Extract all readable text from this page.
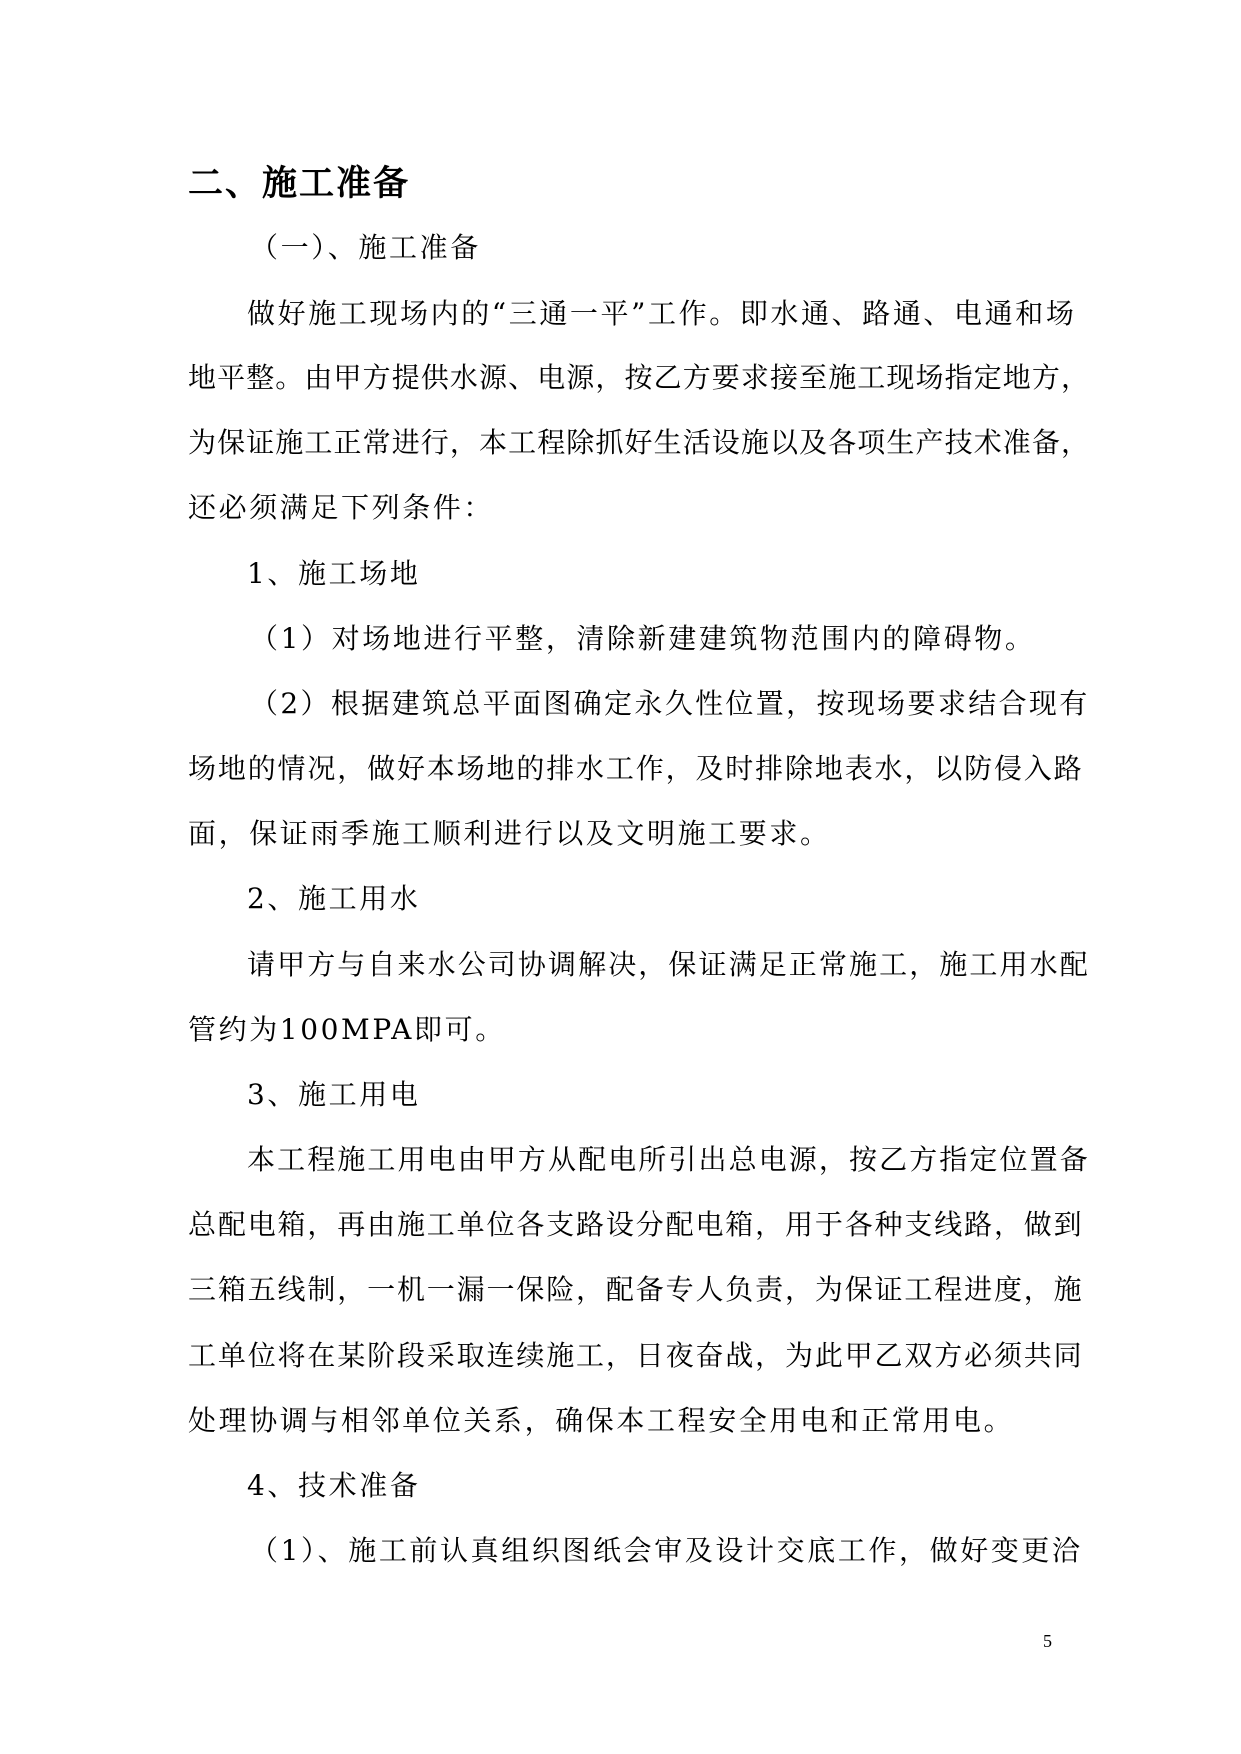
二、施工准备
（一）、施工准备
做好施工现场内的“三通一平”工作。即水通、路通、电通和场
地平整。由甲方提供水源、电源，按乙方要求接至施工现场指定地方，
为保证施工正常进行，本工程除抓好生活设施以及各项生产技术准备，
还必须满足下列条件：
1、施工场地
（1）对场地进行平整，清除新建建筑物范围内的障碍物。
（2）根据建筑总平面图确定永久性位置，按现场要求结合现有
场地的情况，做好本场地的排水工作，及时排除地表水，以防侵入路
面，保证雨季施工顺利进行以及文明施工要求。
2、施工用水
请甲方与自来水公司协调解决，保证满足正常施工，施工用水配
管约为100MPA即可。
3、施工用电
本工程施工用电由甲方从配电所引出总电源，按乙方指定位置备
总配电箱，再由施工单位各支路设分配电箱，用于各种支线路，做到
三箱五线制，一机一漏一保险，配备专人负责，为保证工程进度，施
工单位将在某阶段采取连续施工，日夜奋战，为此甲乙双方必须共同
处理协调与相邻单位关系，确保本工程安全用电和正常用电。
4、技术准备
（1）、施工前认真组织图纸会审及设计交底工作，做好变更洽
5
